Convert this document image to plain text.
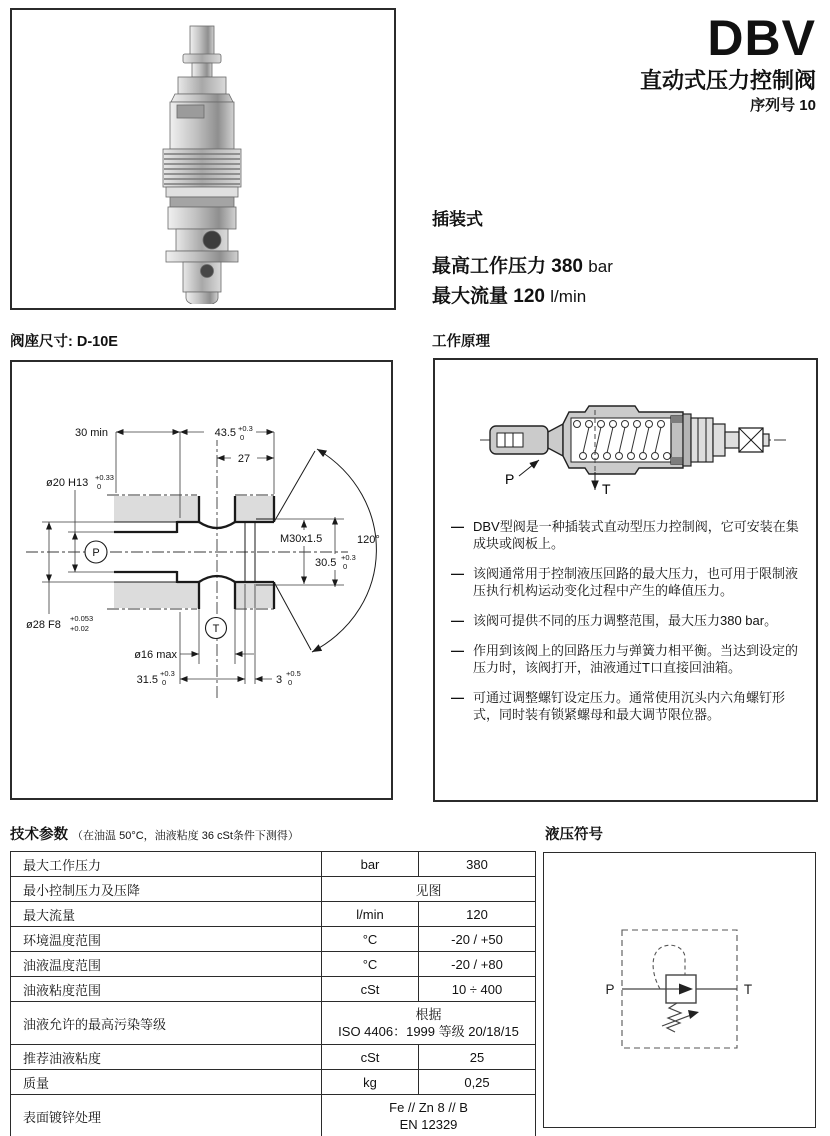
DBV
直动式压力控制阀
序列号 10
插装式
最高工作压力 380 bar
最大流量 120 l/min
阀座尺寸: D-10E
30 min	43.5 +0.3
0
27
ø20 H13 +0.33
0
M30x1.5	120°
30.5 +0.3
0
ø28 F8
+0.053
+0.02
ø16 max
31.5
+0.3
0	3
+0.5
0
P
T
工作原理
P
T
— DBV型阀是一种插装式直动型压力控制阀，它可安装在集成块或阀板上。
— 该阀通常用于控制液压回路的最大压力，也可用于限制液压执行机构运动变化过程中产生的峰值压力。
— 该阀可提供不同的压力调整范围，最大压力380 bar。
— 作用到该阀上的回路压力与弹簧力相平衡。当达到设定的压力时，该阀打开，油液通过T口直接回油箱。
— 可通过调整螺钉设定压力。通常使用沉头内六角螺钉形式，同时装有锁紧螺母和最大调节限位器。
技术参数 （在油温 50°C，油液粘度 36 cSt条件下测得）
最大工作压力	bar	380
最小控制压力及压降	见图	
最大流量	l/min	120
环境温度范围	°C	-20 / +50
油液温度范围	°C	-20 / +80
油液粘度范围	cSt	10 ÷ 400
油液允许的最高污染等级	根据
ISO 4406：1999 等级 20/18/15	

推荐油液粘度	cSt	25
质量	kg	0,25
表面镀锌处理	Fe // Zn 8 // B
EN 12329	
液压符号
P	T
